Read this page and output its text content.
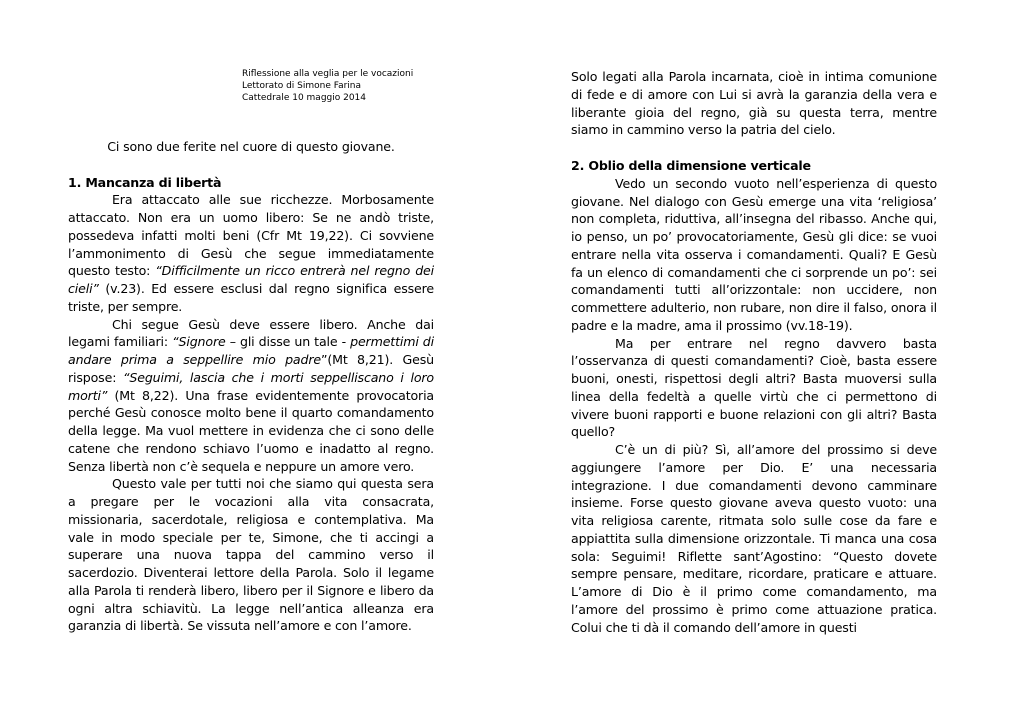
Riflessione alla veglia per le vocazioni
Lettorato di Simone Farina
Cattedrale 10 maggio 2014

Ci sono due ferite nel cuore di questo giovane.

1. Mancanza di libertà

Era attaccato alle sue ricchezze. Morbosamente attaccato. Non era un uomo libero: Se ne andò triste, possedeva infatti molti beni (Cfr Mt 19,22). Ci sovviene l’ammonimento di Gesù che segue immediatamente questo testo: “Difficilmente un ricco entrerà nel regno dei cieli” (v.23). Ed essere esclusi dal regno significa essere triste, per sempre.

Chi segue Gesù deve essere libero. Anche dai legami familiari: “Signore – gli disse un tale - permettimi di andare prima a seppellire mio padre”(Mt 8,21). Gesù rispose: “Seguimi, lascia che i morti seppelliscano i loro morti” (Mt 8,22). Una frase evidentemente provocatoria perché Gesù conosce molto bene il quarto comandamento della legge. Ma vuol mettere in evidenza che ci sono delle catene che rendono schiavo l’uomo e inadatto al regno. Senza libertà non c’è sequela e neppure un amore vero.

Questo vale per tutti noi che siamo qui questa sera a pregare per le vocazioni alla vita consacrata, missionaria, sacerdotale, religiosa e contemplativa. Ma vale in modo speciale per te, Simone, che ti accingi a superare una nuova tappa del cammino verso il sacerdozio. Diventerai lettore della Parola. Solo il legame alla Parola ti renderà libero, libero per il Signore e libero da ogni altra schiavitù. La legge nell’antica alleanza era garanzia di libertà. Se vissuta nell’amore e con l’amore.

Solo legati alla Parola incarnata, cioè in intima comunione di fede e di amore con Lui si avrà la garanzia della vera e liberante gioia del regno, già su questa terra, mentre siamo in cammino verso la patria del cielo.

2. Oblio della dimensione verticale

Vedo un secondo vuoto nell’esperienza di questo giovane. Nel dialogo con Gesù emerge una vita ‘religiosa’ non completa, riduttiva, all’insegna del ribasso. Anche qui, io penso, un po’ provocatoriamente, Gesù gli dice: se vuoi entrare nella vita osserva i comandamenti. Quali? E Gesù fa un elenco di comandamenti che ci sorprende un po’: sei comandamenti tutti all’orizzontale: non uccidere, non commettere adulterio, non rubare, non dire il falso, onora il padre e la madre, ama il prossimo (vv.18-19).

Ma per entrare nel regno davvero basta l’osservanza di questi comandamenti? Cioè, basta essere buoni, onesti, rispettosi degli altri? Basta muoversi sulla linea della fedeltà a quelle virtù che ci permettono di vivere buoni rapporti e buone relazioni con gli altri? Basta quello?

C’è un di più? Sì, all’amore del prossimo si deve aggiungere l’amore per Dio. E’ una necessaria integrazione. I due comandamenti devono camminare insieme. Forse questo giovane aveva questo vuoto: una vita religiosa carente, ritmata solo sulle cose da fare e appiattita sulla dimensione orizzontale. Ti manca una cosa sola: Seguimi! Riflette sant’Agostino: “Questo dovete sempre pensare, meditare, ricordare, praticare e attuare. L’amore di Dio è il primo come comandamento, ma l’amore del prossimo è primo come attuazione pratica. Colui che ti dà il comando dell’amore in questi
